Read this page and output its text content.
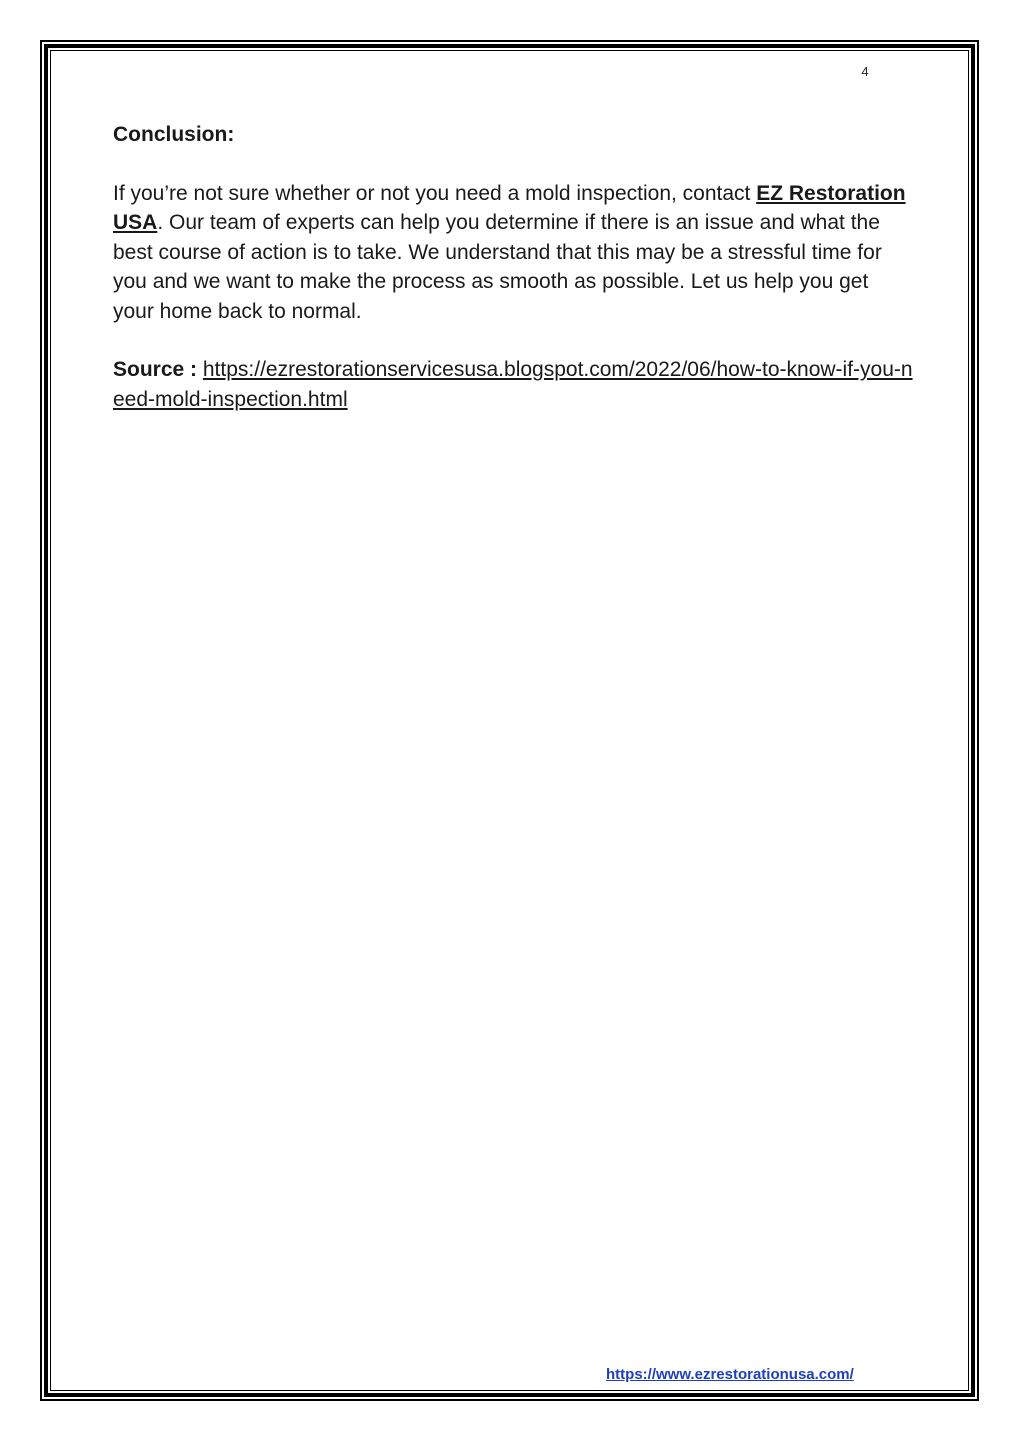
4
Conclusion:

If you’re not sure whether or not you need a mold inspection, contact EZ Restoration USA. Our team of experts can help you determine if there is an issue and what the best course of action is to take. We understand that this may be a stressful time for you and we want to make the process as smooth as possible. Let us help you get your home back to normal.

Source : https://ezrestorationservicesusa.blogspot.com/2022/06/how-to-know-if-you-need-mold-inspection.html

https://www.ezrestorationusa.com/
